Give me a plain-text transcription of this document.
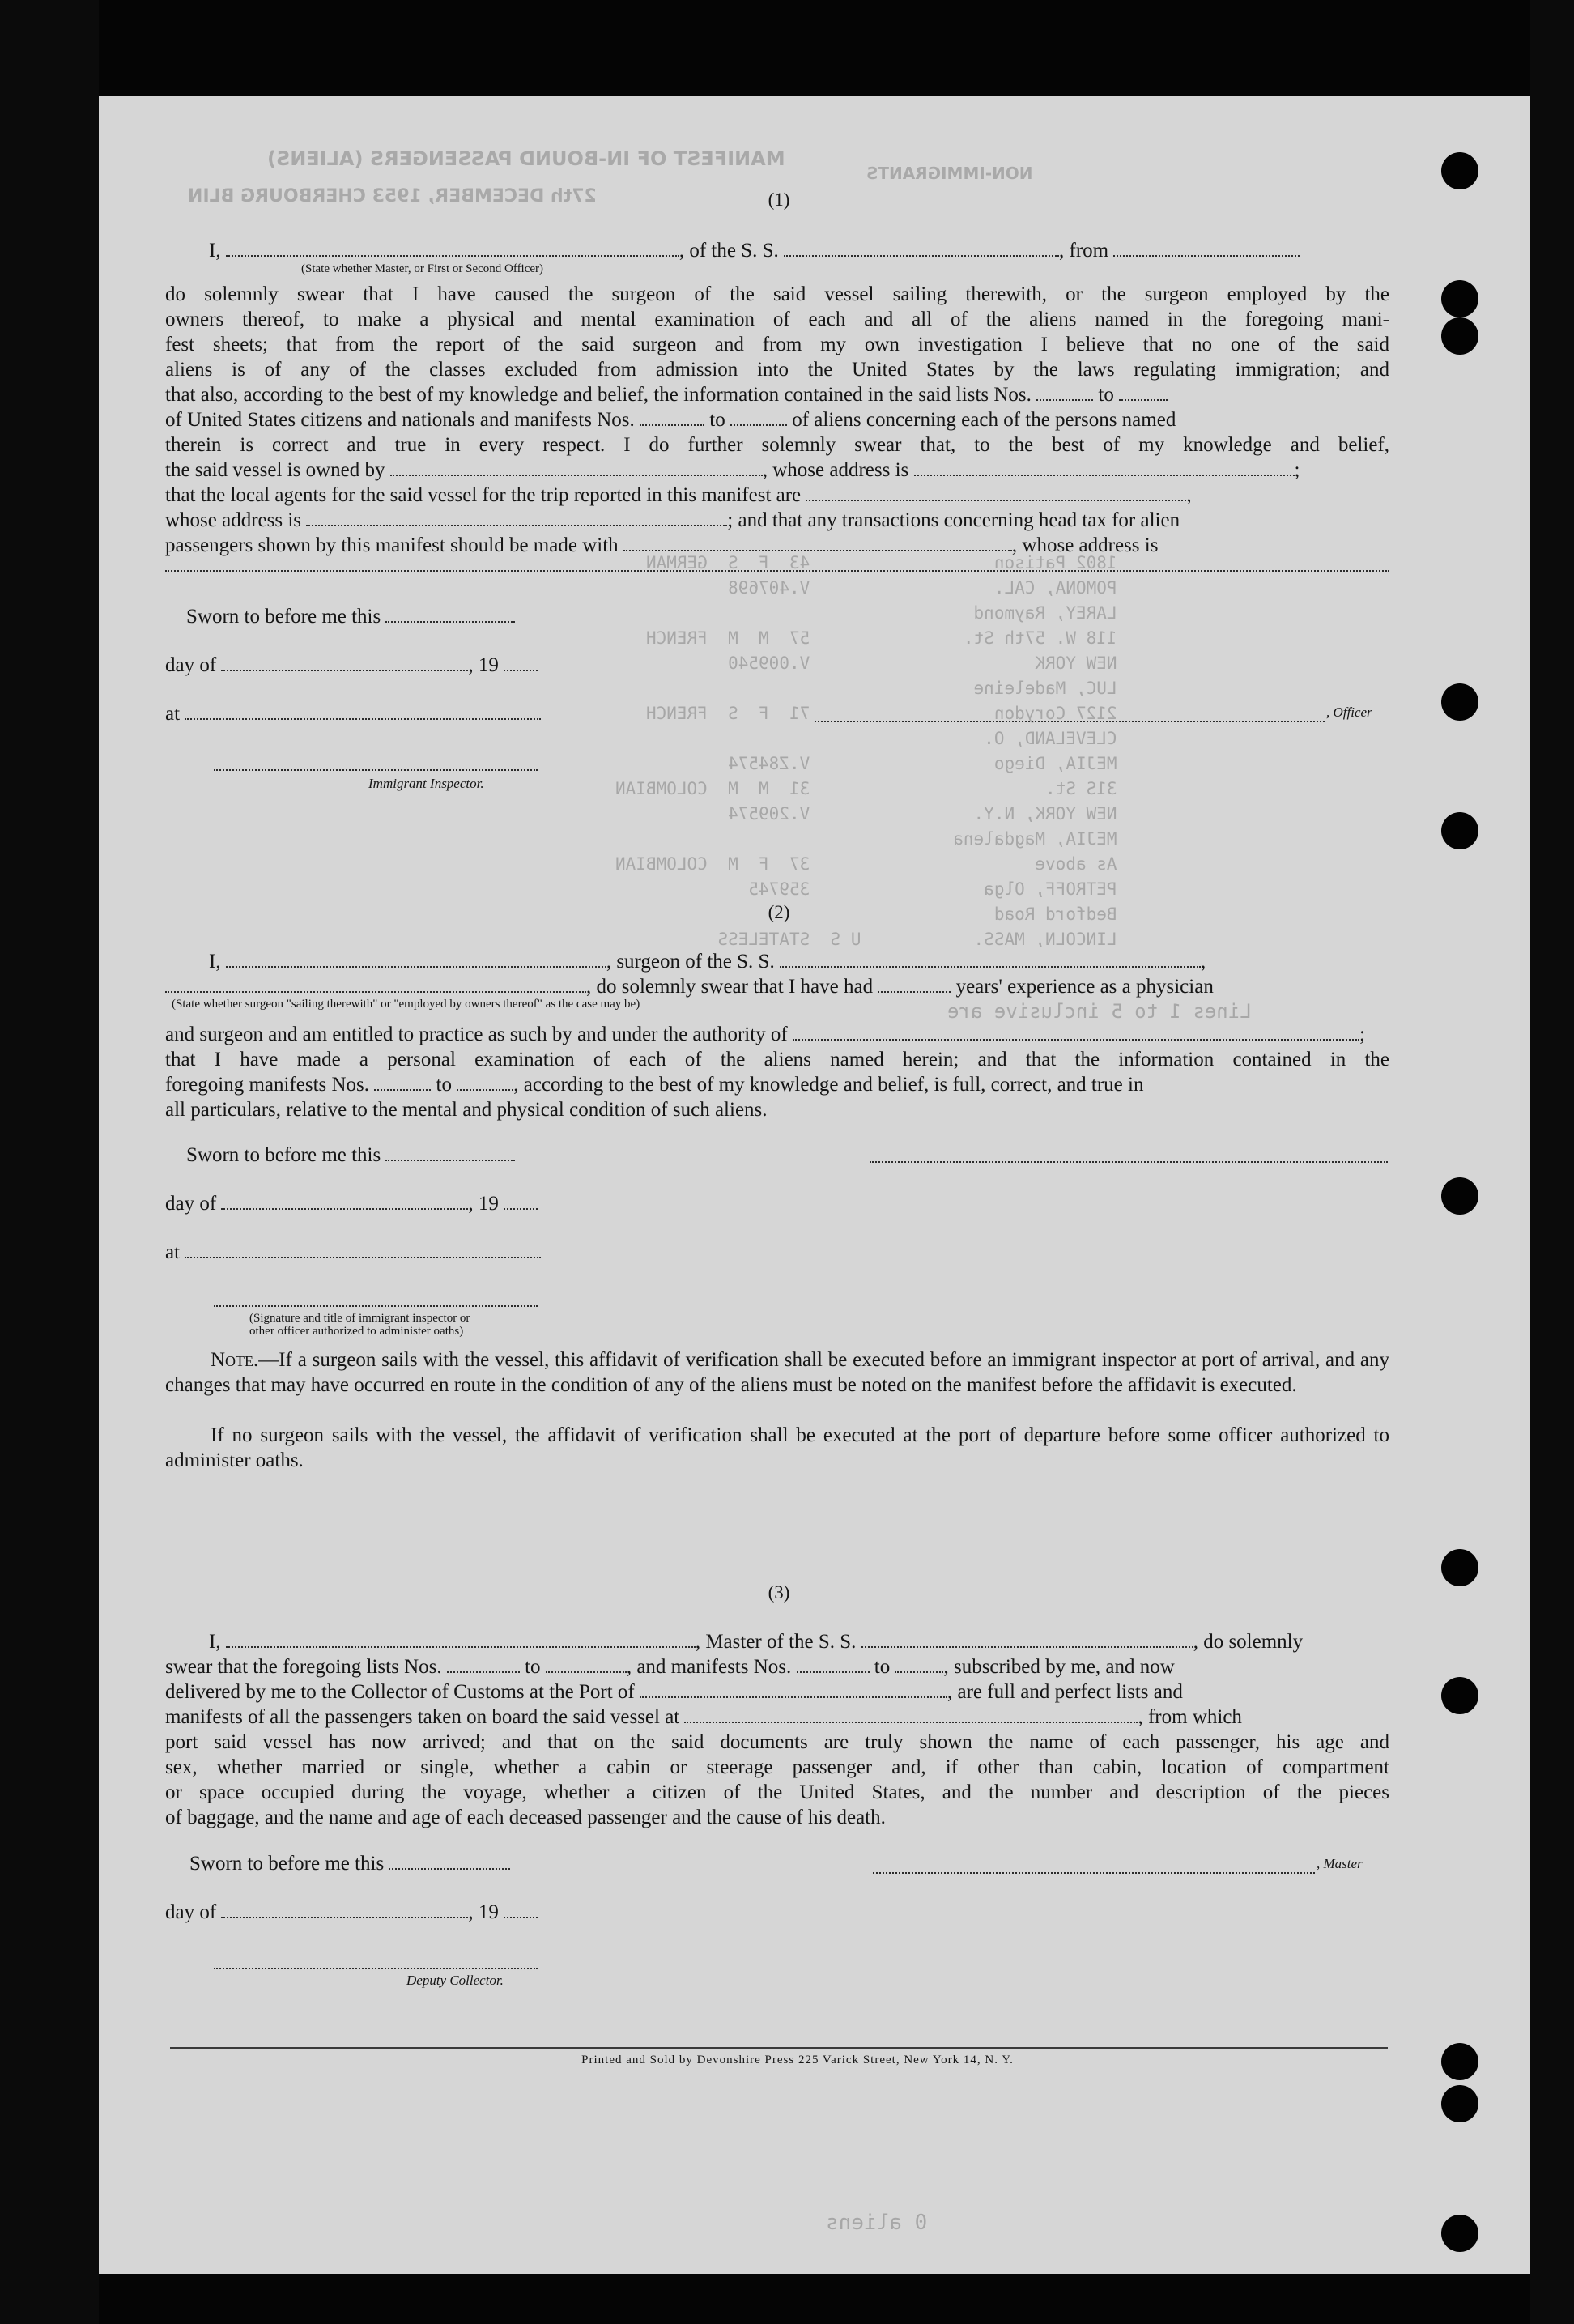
MANIFEST OF IN-BOUND PASSENGERS (ALIENS)
27th DECEMBER, 1953 CHERBOURG BLIN
NON-IMMIGRANTS
1802 Patison                  43  F  S  GERMAN
POMONA, CAL.                  V.407698
LAREY, Raymond
118 W. 57th St.               57  M  M  FRENCH
NEW YORK                      V.009540
LUC, Madeleine
2127 Corydon                  71  F  S  FRENCH
CLEVELAND, O.
MEJIA, Diego                  V.Z84574
31S St.                       31  M  M  COLOMBIAN
NEW YORK, N.Y.                V.209574
MEJIA, Magdalena
As above                      37  F  M  COLOMBIAN
PETROFF, Olga                 359745
Bedford Road
LINCOLN, MASS.           U S  STATELESS
Lines 1 to 5 inclusive are
0 aliens
(1)
I,	, of the S. S.	, from
(State whether Master, or First or Second Officer)
do solemnly swear that I have caused the surgeon of the said vessel sailing therewith, or the surgeon employed by the
owners thereof, to make a physical and mental examination of each and all of the aliens named in the foregoing mani-
fest sheets; that from the report of the said surgeon and from my own investigation I believe that no one of the said
aliens is of any of the classes excluded from admission into the United States by the laws regulating immigration; and
that also, according to the best of my knowledge and belief, the information contained in the said lists Nos.	to
of United States citizens and nationals and manifests Nos.	to	of aliens concerning each of the persons named
therein is correct and true in every respect. I do further solemnly swear that, to the best of my knowledge and belief,
the said vessel is owned by	, whose address is	;
that the local agents for the said vessel for the trip reported in this manifest are	,
whose address is	; and that any transactions concerning head tax for alien
passengers shown by this manifest should be made with	, whose address is
Sworn to before me this
day of	, 19
at	, Officer
Immigrant Inspector.
(2)
I,	, surgeon of the S. S.	,
, do solemnly swear that I have had	years' experience as a physician
(State whether surgeon "sailing therewith" or "employed by owners thereof" as the case may be)
and surgeon and am entitled to practice as such by and under the authority of	;
that I have made a personal examination of each of the aliens named herein; and that the information contained in the
foregoing manifests Nos.	to	, according to the best of my knowledge and belief, is full, correct, and true in
all particulars, relative to the mental and physical condition of such aliens.
Sworn to before me this
day of	, 19
at
(Signature and title of immigrant inspector or
other officer authorized to administer oaths)
Note.—If a surgeon sails with the vessel, this affidavit of verification shall be executed before an immigrant inspector at port of arrival, and any changes that may have occurred en route in the condition of any of the aliens must be noted on the manifest before the affidavit is executed.
If no surgeon sails with the vessel, the affidavit of verification shall be executed at the port of departure before some officer authorized to administer oaths.
(3)
I,	, Master of the S. S.	, do solemnly
swear that the foregoing lists Nos.	to	, and manifests Nos.	to	, subscribed by me, and now
delivered by me to the Collector of Customs at the Port of	, are full and perfect lists and
manifests of all the passengers taken on board the said vessel at	, from which
port said vessel has now arrived; and that on the said documents are truly shown the name of each passenger, his age and
sex, whether married or single, whether a cabin or steerage passenger and, if other than cabin, location of compartment
or space occupied during the voyage, whether a citizen of the United States, and the number and description of the pieces
of baggage, and the name and age of each deceased passenger and the cause of his death.
Sworn to before me this	, Master
day of	, 19
Deputy Collector.
Printed and Sold by Devonshire Press 225 Varick Street, New York 14, N. Y.
